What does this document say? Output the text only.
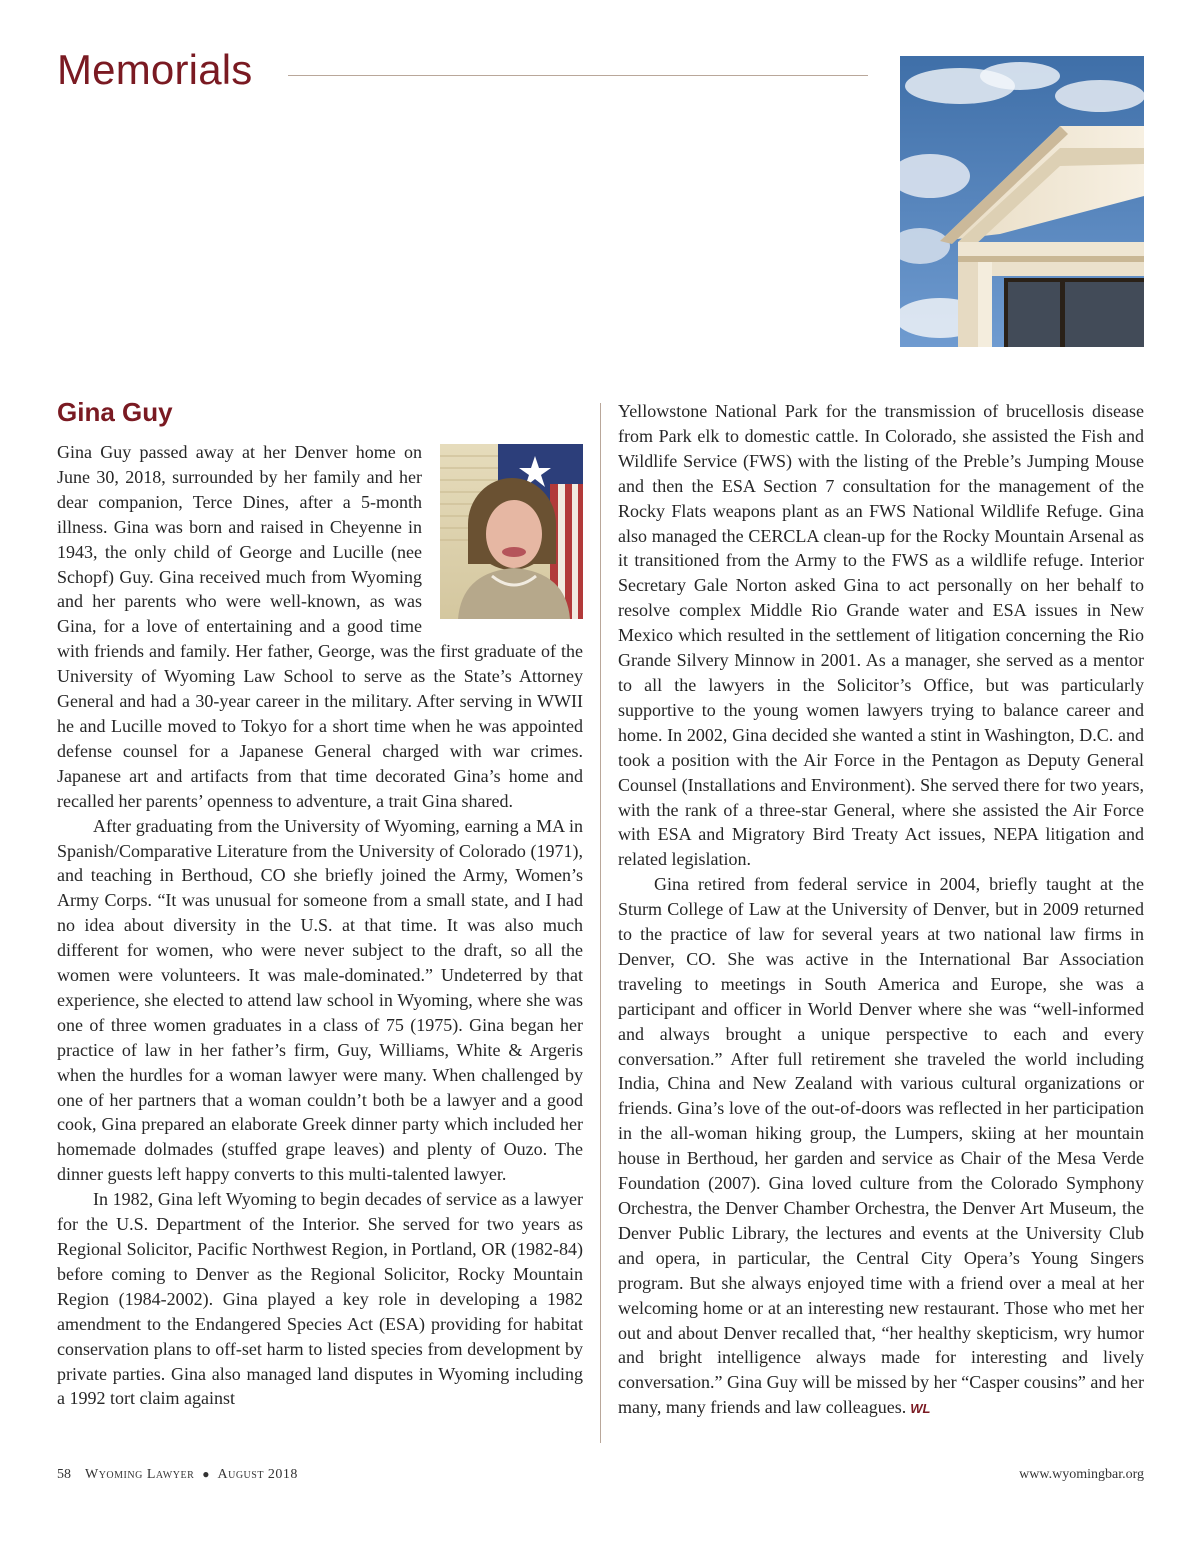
Memorials
Gina Guy

Gina Guy passed away at her Denver home on June 30, 2018, surrounded by her family and her dear companion, Terce Dines, after a 5-month illness. Gina was born and raised in Cheyenne in 1943, the only child of George and Lucille (nee Schopf) Guy. Gina received much from Wyoming and her parents who were well-known, as was Gina, for a love of entertaining and a good time with friends and family. Her father, George, was the first graduate of the University of Wyoming Law School to serve as the State’s Attorney General and had a 30-year career in the military. After serving in WWII he and Lucille moved to Tokyo for a short time when he was appointed defense counsel for a Japanese General charged with war crimes. Japanese art and artifacts from that time decorated Gina’s home and recalled her parents’ openness to adventure, a trait Gina shared.

After graduating from the University of Wyoming, earning a MA in Spanish/Comparative Literature from the University of Colorado (1971), and teaching in Berthoud, CO she briefly joined the Army, Women’s Army Corps. “It was unusual for someone from a small state, and I had no idea about diversity in the U.S. at that time. It was also much different for women, who were never subject to the draft, so all the women were volunteers. It was male-dominated.” Undeterred by that experience, she elected to attend law school in Wyoming, where she was one of three women graduates in a class of 75 (1975). Gina began her practice of law in her father’s firm, Guy, Williams, White & Argeris when the hurdles for a woman lawyer were many. When challenged by one of her partners that a woman couldn’t both be a lawyer and a good cook, Gina prepared an elaborate Greek dinner party which included her homemade dolmades (stuffed grape leaves) and plenty of Ouzo. The dinner guests left happy converts to this multi-talented lawyer.

In 1982, Gina left Wyoming to begin decades of service as a lawyer for the U.S. Department of the Interior. She served for two years as Regional Solicitor, Pacific Northwest Region, in Portland, OR (1982-84) before coming to Denver as the Regional Solicitor, Rocky Mountain Region (1984-2002). Gina played a key role in developing a 1982 amendment to the Endangered Species Act (ESA) providing for habitat conservation plans to off-set harm to listed species from development by private parties. Gina also managed land disputes in Wyoming including a 1992 tort claim against

Yellowstone National Park for the transmission of brucellosis disease from Park elk to domestic cattle. In Colorado, she assisted the Fish and Wildlife Service (FWS) with the listing of the Preble’s Jumping Mouse and then the ESA Section 7 consultation for the management of the Rocky Flats weapons plant as an FWS National Wildlife Refuge. Gina also managed the CERCLA clean-up for the Rocky Mountain Arsenal as it transitioned from the Army to the FWS as a wildlife refuge. Interior Secretary Gale Norton asked Gina to act personally on her behalf to resolve complex Middle Rio Grande water and ESA issues in New Mexico which resulted in the settlement of litigation concerning the Rio Grande Silvery Minnow in 2001. As a manager, she served as a mentor to all the lawyers in the Solicitor’s Office, but was particularly supportive to the young women lawyers trying to balance career and home. In 2002, Gina decided she wanted a stint in Washington, D.C. and took a position with the Air Force in the Pentagon as Deputy General Counsel (Installations and Environment). She served there for two years, with the rank of a three-star General, where she assisted the Air Force with ESA and Migratory Bird Treaty Act issues, NEPA litigation and related legislation.

Gina retired from federal service in 2004, briefly taught at the Sturm College of Law at the University of Denver, but in 2009 returned to the practice of law for several years at two national law firms in Denver, CO. She was active in the International Bar Association traveling to meetings in South America and Europe, she was a participant and officer in World Denver where she was “well-informed and always brought a unique perspective to each and every conversation.” After full retirement she traveled the world including India, China and New Zealand with various cultural organizations or friends. Gina’s love of the out-of-doors was reflected in her participation in the all-woman hiking group, the Lumpers, skiing at her mountain house in Berthoud, her garden and service as Chair of the Mesa Verde Foundation (2007). Gina loved culture from the Colorado Symphony Orchestra, the Denver Chamber Orchestra, the Denver Art Museum, the Denver Public Library, the lectures and events at the University Club and opera, in particular, the Central City Opera’s Young Singers program. But she always enjoyed time with a friend over a meal at her welcoming home or at an interesting new restaurant. Those who met her out and about Denver recalled that, “her healthy skepticism, wry humor and bright intelligence always made for interesting and lively conversation.” Gina Guy will be missed by her “Casper cousins” and her many, many friends and law colleagues. WL

58 Wyoming Lawyer ● August 2018	www.wyomingbar.org
